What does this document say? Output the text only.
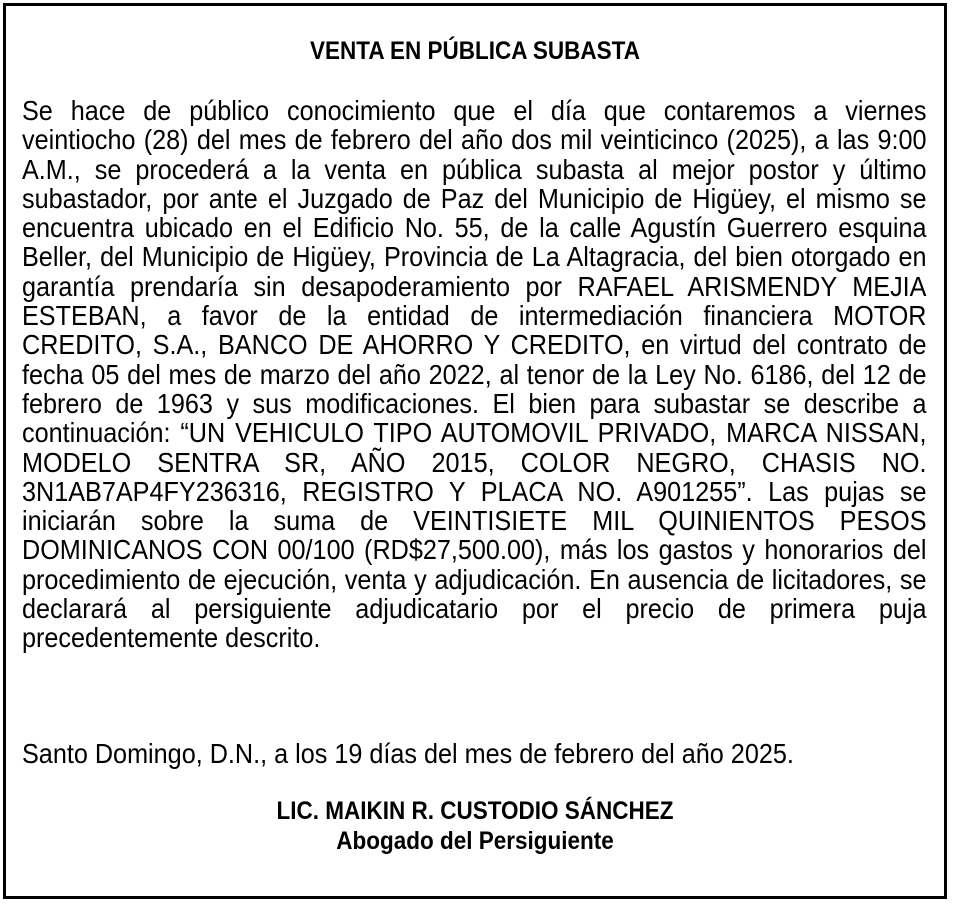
VENTA EN PÚBLICA SUBASTA

Se hace de público conocimiento que el día que contaremos a viernes veintiocho (28) del mes de febrero del año dos mil veinticinco (2025), a las 9:00 A.M., se procederá a la venta en pública subasta al mejor postor y último subastador, por ante el Juzgado de Paz del Municipio de Higüey, el mismo se encuentra ubicado en el Edificio No. 55, de la calle Agustín Guerrero esquina Beller, del Municipio de Higüey, Provincia de La Altagracia, del bien otorgado en garantía prendaría sin desapoderamiento por RAFAEL ARISMENDY MEJIA ESTEBAN, a favor de la entidad de intermediación financiera MOTOR CREDITO, S.A., BANCO DE AHORRO Y CREDITO, en virtud del contrato de fecha 05 del mes de marzo del año 2022, al tenor de la Ley No. 6186, del 12 de febrero de 1963 y sus modificaciones. El bien para subastar se describe a continuación: “UN VEHICULO TIPO AUTOMOVIL PRIVADO, MARCA NISSAN, MODELO SENTRA SR, AÑO 2015, COLOR NEGRO, CHASIS NO. 3N1AB7AP4FY236316, REGISTRO Y PLACA NO. A901255”. Las pujas se iniciarán sobre la suma de VEINTISIETE MIL QUINIENTOS PESOS DOMINICANOS CON 00/100 (RD$27,500.00), más los gastos y honorarios del procedimiento de ejecución, venta y adjudicación. En ausencia de licitadores, se declarará al persiguiente adjudicatario por el precio de primera puja precedentemente descrito.

Santo Domingo, D.N., a los 19 días del mes de febrero del año 2025.

LIC. MAIKIN R. CUSTODIO SÁNCHEZ
Abogado del Persiguiente
